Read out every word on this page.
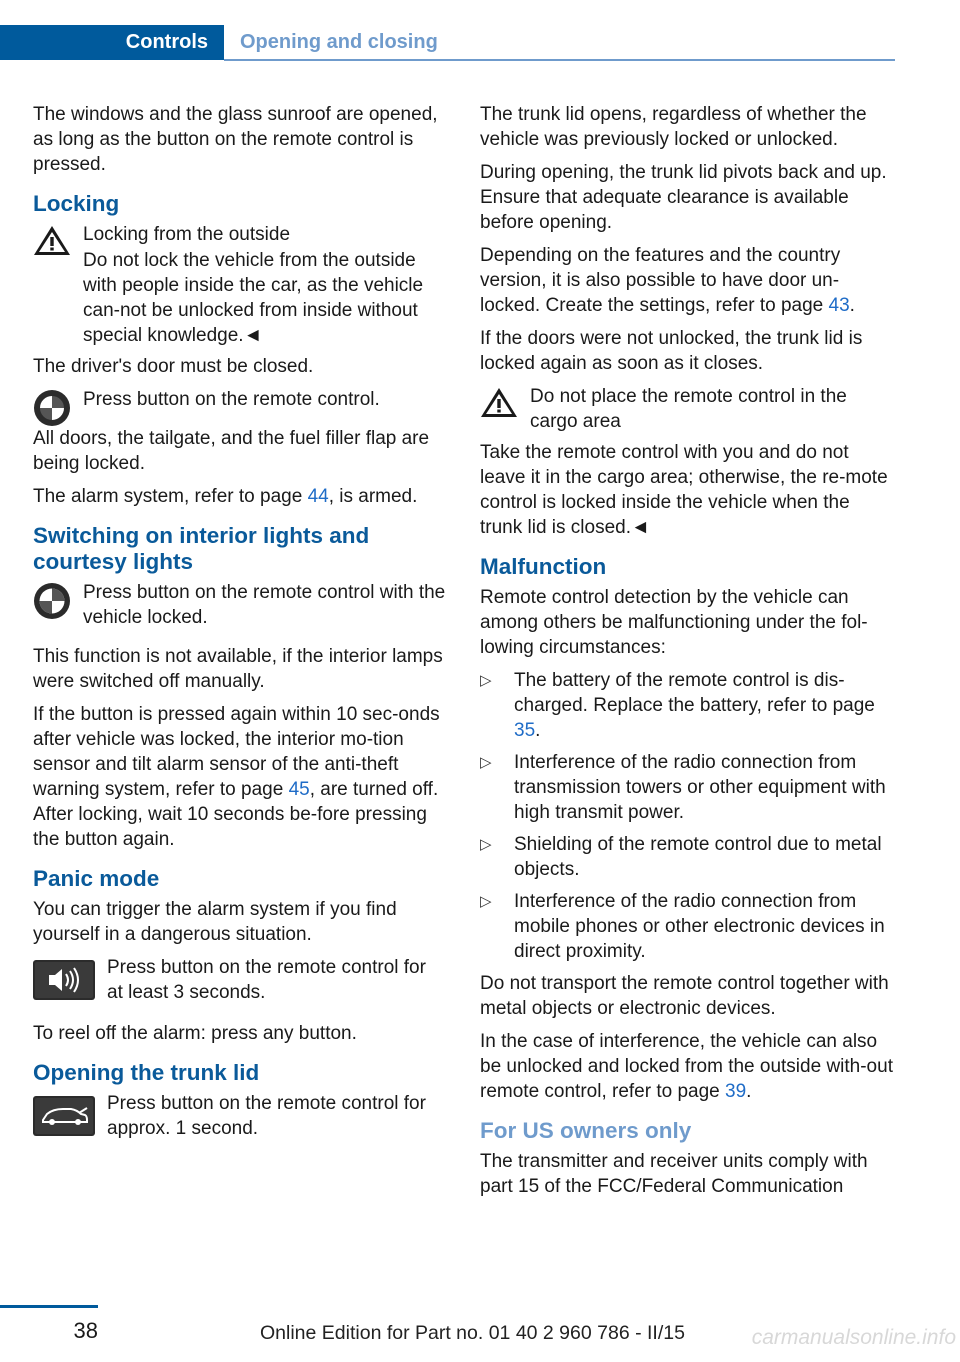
Controls	Opening and closing

The windows and the glass sunroof are opened, as long as the button on the remote control is pressed.

Locking
Locking from the outside
Do not lock the vehicle from the outside with people inside the car, as the vehicle can‐not be unlocked from inside without special knowledge.◄

The driver's door must be closed.

Press button on the remote control.

All doors, the tailgate, and the fuel filler flap are being locked.

The alarm system, refer to page 44, is armed.

Switching on interior lights and courtesy lights
Press button on the remote control with the vehicle locked.

This function is not available, if the interior lamps were switched off manually.

If the button is pressed again within 10 sec‐onds after vehicle was locked, the interior mo‐tion sensor and tilt alarm sensor of the anti‐theft warning system, refer to page 45, are turned off. After locking, wait 10 seconds be‐fore pressing the button again.

Panic mode

You can trigger the alarm system if you find yourself in a dangerous situation.

Press button on the remote control for at least 3 seconds.

To reel off the alarm: press any button.

Opening the trunk lid
Press button on the remote control for approx. 1 second.

The trunk lid opens, regardless of whether the vehicle was previously locked or unlocked.

During opening, the trunk lid pivots back and up. Ensure that adequate clearance is available before opening.

Depending on the features and the country version, it is also possible to have door un‐locked. Create the settings, refer to page 43.

If the doors were not unlocked, the trunk lid is locked again as soon as it closes.

Do not place the remote control in the cargo area

Take the remote control with you and do not leave it in the cargo area; otherwise, the re‐mote control is locked inside the vehicle when the trunk lid is closed.◄

Malfunction

Remote control detection by the vehicle can among others be malfunctioning under the fol‐lowing circumstances:

▷ The battery of the remote control is dis‐charged. Replace the battery, refer to page 35.
▷ Interference of the radio connection from transmission towers or other equipment with high transmit power.
▷ Shielding of the remote control due to metal objects.
▷ Interference of the radio connection from mobile phones or other electronic devices in direct proximity.

Do not transport the remote control together with metal objects or electronic devices.

In the case of interference, the vehicle can also be unlocked and locked from the outside with‐out remote control, refer to page 39.

For US owners only

The transmitter and receiver units comply with part 15 of the FCC/Federal Communication

38	Online Edition for Part no. 01 40 2 960 786 - II/15	carmanualsonline.info
